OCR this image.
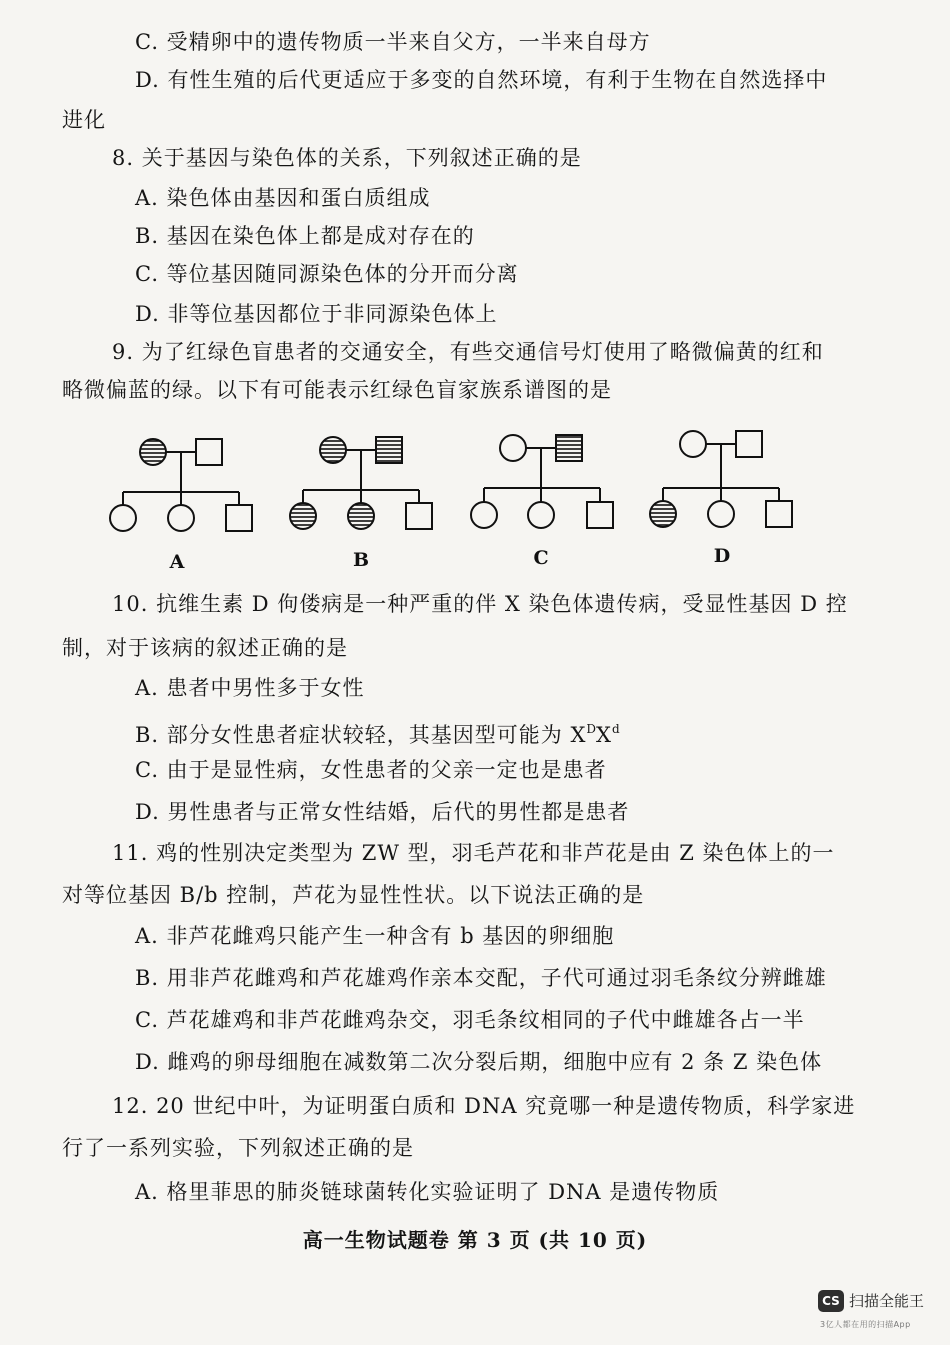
C. 受精卵中的遗传物质一半来自父方，一半来自母方
D. 有性生殖的后代更适应于多变的自然环境，有利于生物在自然选择中
进化
8. 关于基因与染色体的关系，下列叙述正确的是
A. 染色体由基因和蛋白质组成
B. 基因在染色体上都是成对存在的
C. 等位基因随同源染色体的分开而分离
D. 非等位基因都位于非同源染色体上
9. 为了红绿色盲患者的交通安全，有些交通信号灯使用了略微偏黄的红和
略微偏蓝的绿。以下有可能表示红绿色盲家族系谱图的是
A	B	C	D
10. 抗维生素 D 佝偻病是一种严重的伴 X 染色体遗传病，受显性基因 D 控
制，对于该病的叙述正确的是
A. 患者中男性多于女性
B. 部分女性患者症状较轻，其基因型可能为 $X^DX^d$
C. 由于是显性病，女性患者的父亲一定也是患者
D. 男性患者与正常女性结婚，后代的男性都是患者
11. 鸡的性别决定类型为 ZW 型，羽毛芦花和非芦花是由 Z 染色体上的一
对等位基因 B/b 控制，芦花为显性性状。以下说法正确的是
A. 非芦花雌鸡只能产生一种含有 b 基因的卵细胞
B. 用非芦花雌鸡和芦花雄鸡作亲本交配，子代可通过羽毛条纹分辨雌雄
C. 芦花雄鸡和非芦花雌鸡杂交，羽毛条纹相同的子代中雌雄各占一半
D. 雌鸡的卵母细胞在减数第二次分裂后期，细胞中应有 2 条 Z 染色体
12. 20 世纪中叶，为证明蛋白质和 DNA 究竟哪一种是遗传物质，科学家进
行了一系列实验，下列叙述正确的是
A. 格里菲思的肺炎链球菌转化实验证明了 DNA 是遗传物质
高一生物试题卷 第 3 页 (共 10 页)
CS 扫描全能王
3亿人都在用的扫描App
